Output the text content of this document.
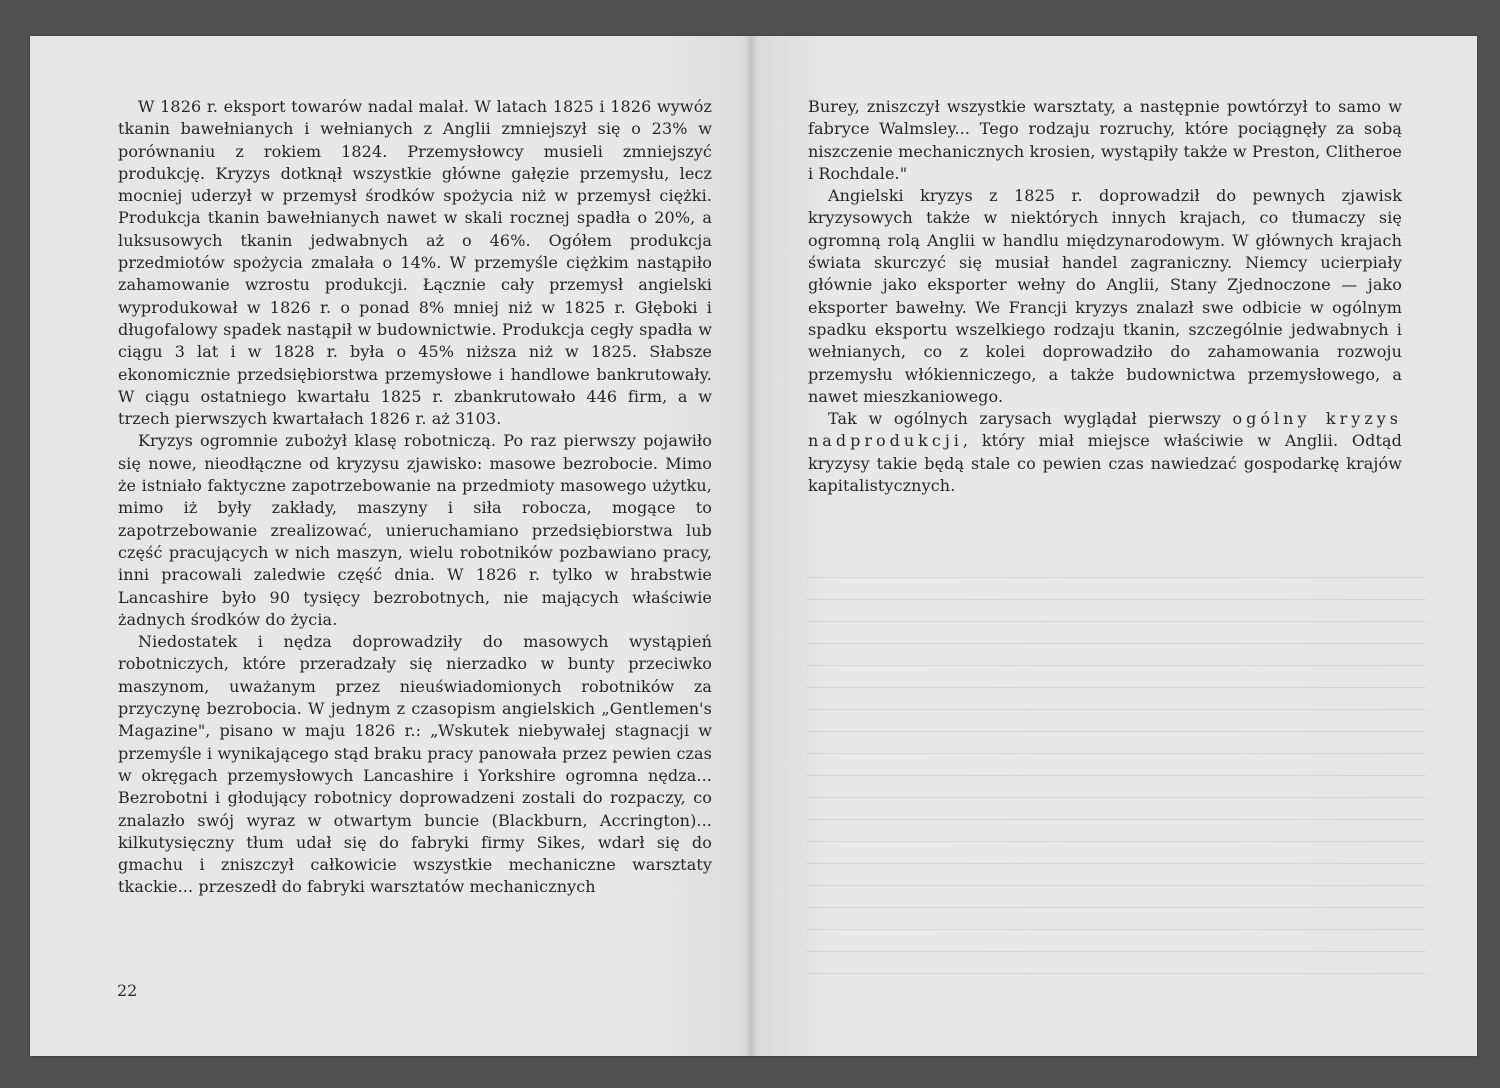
W 1826 r. eksport towarów nadal malał. W latach 1825 i 1826 wywóz tkanin bawełnianych i wełnianych z Anglii zmniejszył się o 23% w porównaniu z rokiem 1824. Przemysłowcy musieli zmniejszyć produkcję. Kryzys dotknął wszystkie główne gałęzie przemysłu, lecz mocniej uderzył w przemysł środków spożycia niż w przemysł ciężki. Produkcja tkanin bawełnianych nawet w skali rocznej spadła o 20%, a luksusowych tkanin jedwabnych aż o 46%. Ogółem produkcja przedmiotów spożycia zmalała o 14%. W przemyśle ciężkim nastąpiło zahamowanie wzrostu produkcji. Łącznie cały przemysł angielski wyprodukował w 1826 r. o ponad 8% mniej niż w 1825 r. Głęboki i długofalowy spadek nastąpił w budownictwie. Produkcja cegły spadła w ciągu 3 lat i w 1828 r. była o 45% niższa niż w 1825. Słabsze ekonomicznie przedsiębiorstwa przemysłowe i handlowe bankrutowały. W ciągu ostatniego kwartału 1825 r. zbankrutowało 446 firm, a w trzech pierwszych kwartałach 1826 r. aż 3103.

Kryzys ogromnie zubożył klasę robotniczą. Po raz pierwszy pojawiło się nowe, nieodłączne od kryzysu zjawisko: masowe bezrobocie. Mimo że istniało faktyczne zapotrzebowanie na przedmioty masowego użytku, mimo iż były zakłady, maszyny i siła robocza, mogące to zapotrzebowanie zrealizować, unieruchamiano przedsiębiorstwa lub część pracujących w nich maszyn, wielu robotników pozbawiano pracy, inni pracowali zaledwie część dnia. W 1826 r. tylko w hrabstwie Lancashire było 90 tysięcy bezrobotnych, nie mających właściwie żadnych środków do życia.

Niedostatek i nędza doprowadziły do masowych wystąpień robotniczych, które przeradzały się nierzadko w bunty przeciwko maszynom, uważanym przez nieuświadomionych robotników za przyczynę bezrobocia. W jednym z czasopism angielskich „Gentlemen's Magazine", pisano w maju 1826 r.: „Wskutek niebywałej stagnacji w przemyśle i wynikającego stąd braku pracy panowała przez pewien czas w okręgach przemysłowych Lancashire i Yorkshire ogromna nędza... Bezrobotni i głodujący robotnicy doprowadzeni zostali do rozpaczy, co znalazło swój wyraz w otwartym buncie (Blackburn, Accrington)... kilkutysięczny tłum udał się do fabryki firmy Sikes, wdarł się do gmachu i zniszczył całkowicie wszystkie mechaniczne warsztaty tkackie... przeszedł do fabryki warsztatów mechanicznych

22

Burey, zniszczył wszystkie warsztaty, a następnie powtórzył to samo w fabryce Walmsley... Tego rodzaju rozruchy, które pociągnęły za sobą niszczenie mechanicznych krosien, wystąpiły także w Preston, Clitheroe i Rochdale."

Angielski kryzys z 1825 r. doprowadził do pewnych zjawisk kryzysowych także w niektórych innych krajach, co tłumaczy się ogromną rolą Anglii w handlu międzynarodowym. W głównych krajach świata skurczyć się musiał handel zagraniczny. Niemcy ucierpiały głównie jako eksporter wełny do Anglii, Stany Zjednoczone — jako eksporter bawełny. We Francji kryzys znalazł swe odbicie w ogólnym spadku eksportu wszelkiego rodzaju tkanin, szczególnie jedwabnych i wełnianych, co z kolei doprowadziło do zahamowania rozwoju przemysłu włókienniczego, a także budownictwa przemysłowego, a nawet mieszkaniowego.

Tak w ogólnych zarysach wyglądał pierwszy ogólny kryzys nadprodukcji, który miał miejsce właściwie w Anglii. Odtąd kryzysy takie będą stale co pewien czas nawiedzać gospodarkę krajów kapitalistycznych.
